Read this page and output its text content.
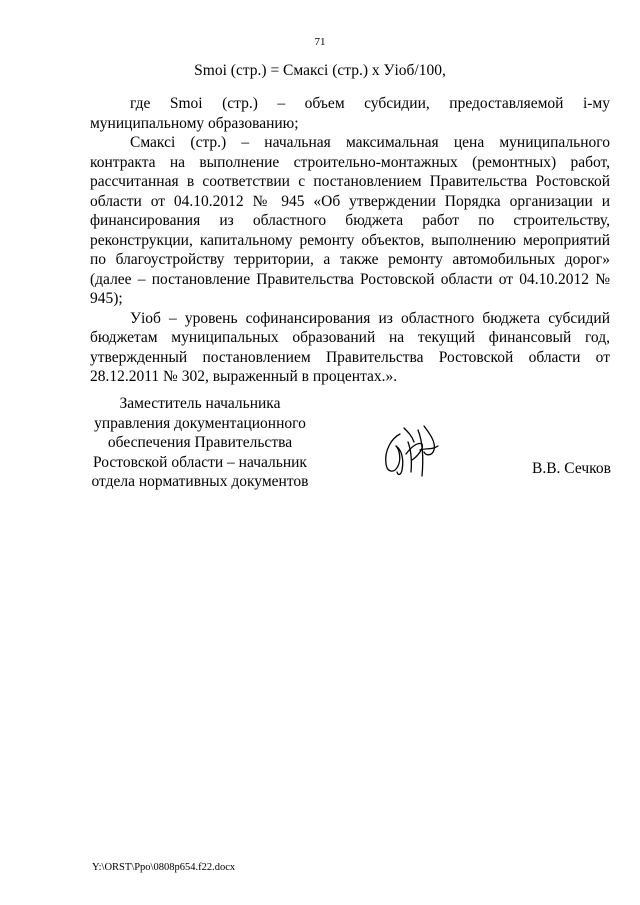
71
Smoi (стр.) = Смаксi (стр.) х Уiоб/100,

где Smoi (стр.) – объем субсидии, предоставляемой i-му муниципальному образованию;

Смаксi (стр.) – начальная максимальная цена муниципального контракта на выполнение строительно-монтажных (ремонтных) работ, рассчитанная в соответствии с постановлением Правительства Ростовской области от 04.10.2012 № 945 «Об утверждении Порядка организации и финансирования из областного бюджета работ по строительству, реконструкции, капитальному ремонту объектов, выполнению мероприятий по благоустройству территории, а также ремонту автомобильных дорог» (далее – постановление Правительства Ростовской области от 04.10.2012 № 945);

Уiоб – уровень софинансирования из областного бюджета субсидий бюджетам муниципальных образований на текущий финансовый год, утвержденный постановлением Правительства Ростовской области от 28.12.2011 № 302, выраженный в процентах.».

Заместитель начальника
управления документационного
обеспечения Правительства
Ростовской области – начальник
отдела нормативных документов
В.В. Сечков
Y:\ORST\Ppo\0808p654.f22.docx
